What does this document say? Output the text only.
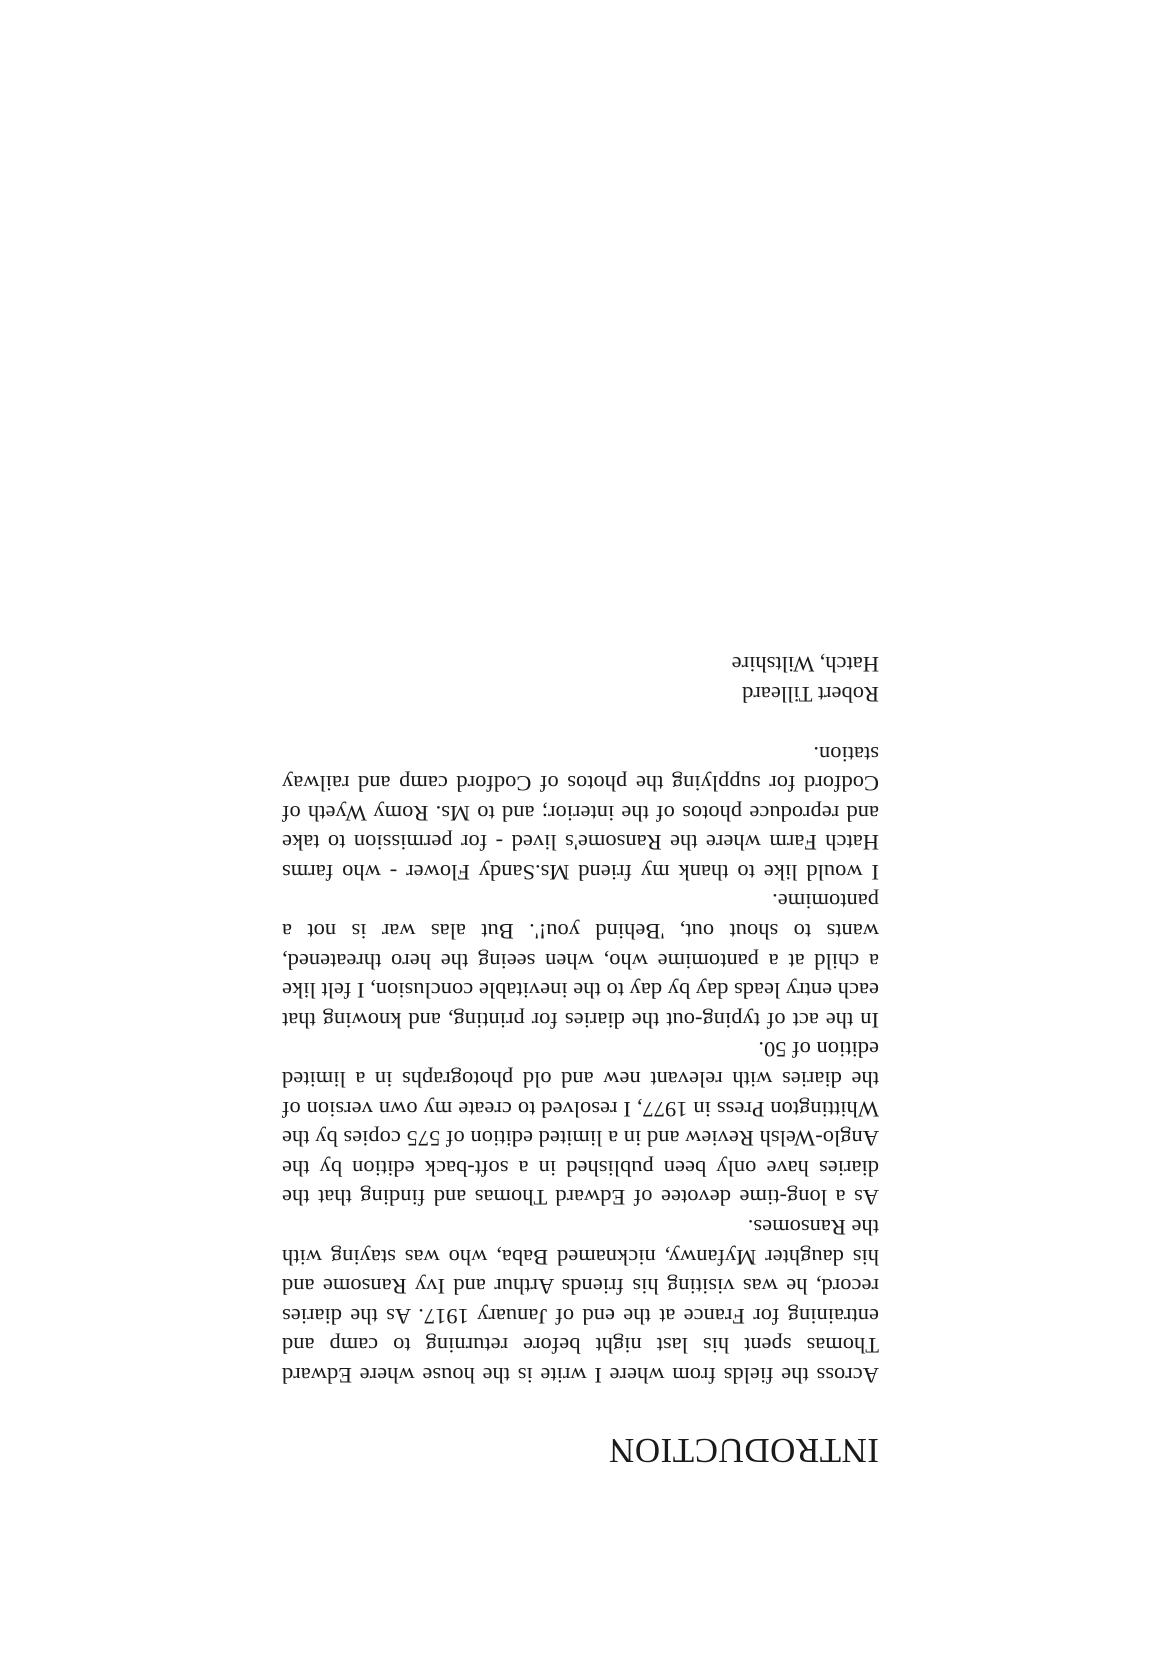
INTRODUCTION

Across the fields from where I write is the house where Edward Thomas spent his last night before returning to camp and entraining for France at the end of January 1917. As the diaries record, he was visiting his friends Arthur and Ivy Ransome and his daughter Myfanwy, nicknamed Baba, who was staying with the Ransomes.

As a long-time devotee of Edward Thomas and finding that the diaries have only been published in a soft-back edition by the Anglo-Welsh Review and in a limited edition of 575 copies by the Whittington Press in 1977, I resolved to create my own version of the diaries with relevant new and old photographs in a limited edition of 50.

In the act of typing-out the diaries for printing, and knowing that each entry leads day by day to the inevitable conclusion, I felt like a child at a pantomime who, when seeing the hero threatened, wants to shout out, 'Behind you!'. But alas war is not a pantomime.

I would like to thank my friend Ms.Sandy Flower - who farms Hatch Farm where the Ransome's lived - for permission to take and reproduce photos of the interior; and to Ms. Romy Wyeth of Codford for supplying the photos of Codford camp and railway station.

Robert Tilleard
Hatch, Wiltshire
